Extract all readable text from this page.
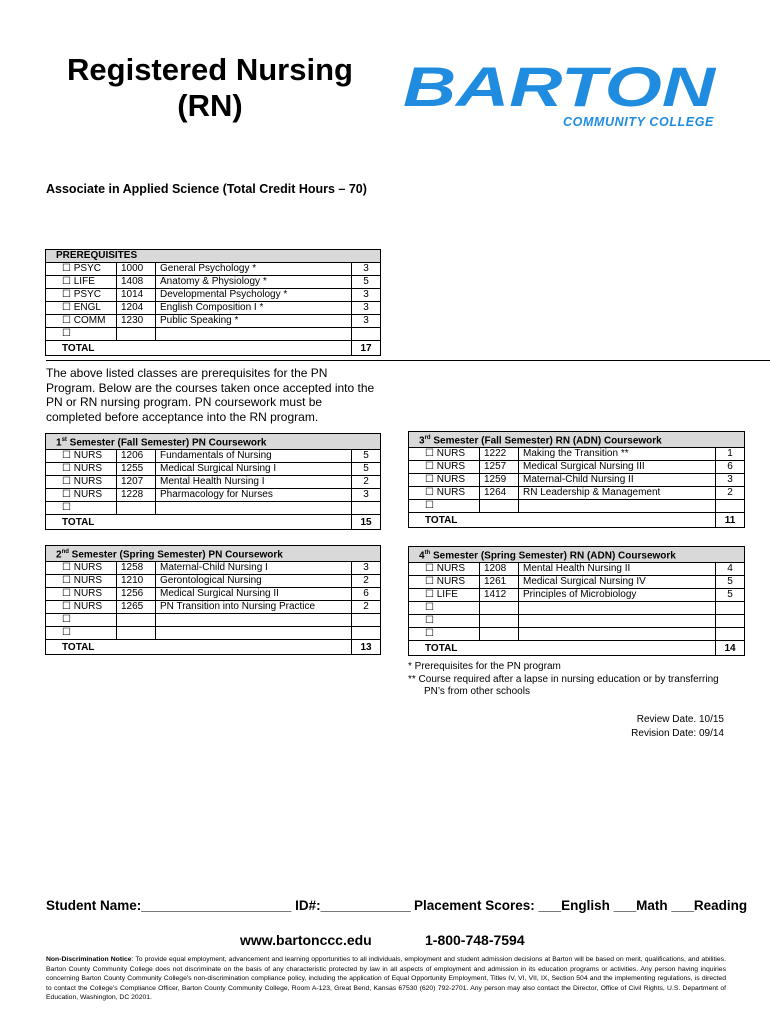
Registered Nursing
(RN)	BARTON
COMMUNITY COLLEGE
Associate in Applied Science (Total Credit Hours – 70)
PREREQUISITES			
☐ PSYC	1000	General Psychology *	3
☐ LIFE	1408	Anatomy & Physiology *	5
☐ PSYC	1014	Developmental Psychology *	3
☐ ENGL	1204	English Composition I *	3
☐ COMM	1230	Public Speaking *	3
☐			
TOTAL			17
The above listed classes are prerequisites for the PN Program. Below are the courses taken once accepted into the PN or RN nursing program. PN coursework must be completed before acceptance into the RN program.
1st Semester (Fall Semester) PN Coursework			
☐ NURS	1206	Fundamentals of Nursing	5
☐ NURS	1255	Medical Surgical Nursing I	5
☐ NURS	1207	Mental Health Nursing I	2
☐ NURS	1228	Pharmacology for Nurses	3
☐			
TOTAL			15
2nd Semester (Spring Semester) PN Coursework			
☐ NURS	1258	Maternal-Child Nursing I	3
☐ NURS	1210	Gerontological Nursing	2
☐ NURS	1256	Medical Surgical Nursing II	6
☐ NURS	1265	PN Transition into Nursing Practice	2
☐			
☐			
TOTAL			13
3rd Semester (Fall Semester) RN (ADN) Coursework			
☐ NURS	1222	Making the Transition **	1
☐ NURS	1257	Medical Surgical Nursing III	6
☐ NURS	1259	Maternal-Child Nursing II	3
☐ NURS	1264	RN Leadership & Management	2
☐			
TOTAL			11
4th Semester (Spring Semester) RN (ADN) Coursework			
☐ NURS	1208	Mental Health Nursing II	4
☐ NURS	1261	Medical Surgical Nursing IV	5
☐ LIFE	1412	Principles of Microbiology	5
☐			
☐			
☐			
TOTAL			14
* Prerequisites for the PN program
** Course required after a lapse in nursing education or by transferring
PN’s from other schools
Review Date. 10/15
Revision Date: 09/14
Student Name:____________________ ID#:____________ Placement Scores: ___English ___Math ___Reading
www.bartonccc.edu	1-800-748-7594
Non-Discrimination Notice: To provide equal employment, advancement and learning opportunities to all individuals, employment and student admission decisions at Barton will be based on merit, qualifications, and abilities. Barton County Community College does not discriminate on the basis of any characteristic protected by law in all aspects of employment and admission in its education programs or activities. Any person having inquiries concerning Barton County Community College’s non-discrimination compliance policy, including the application of Equal Opportunity Employment, Titles IV, VI, VII, IX, Section 504 and the implementing regulations, is directed to contact the College’s Compliance Officer, Barton County Community College, Room A-123, Great Bend, Kansas 67530 (620) 792-2701. Any person may also contact the Director, Office of Civil Rights, U.S. Department of Education, Washington, DC 20201.
